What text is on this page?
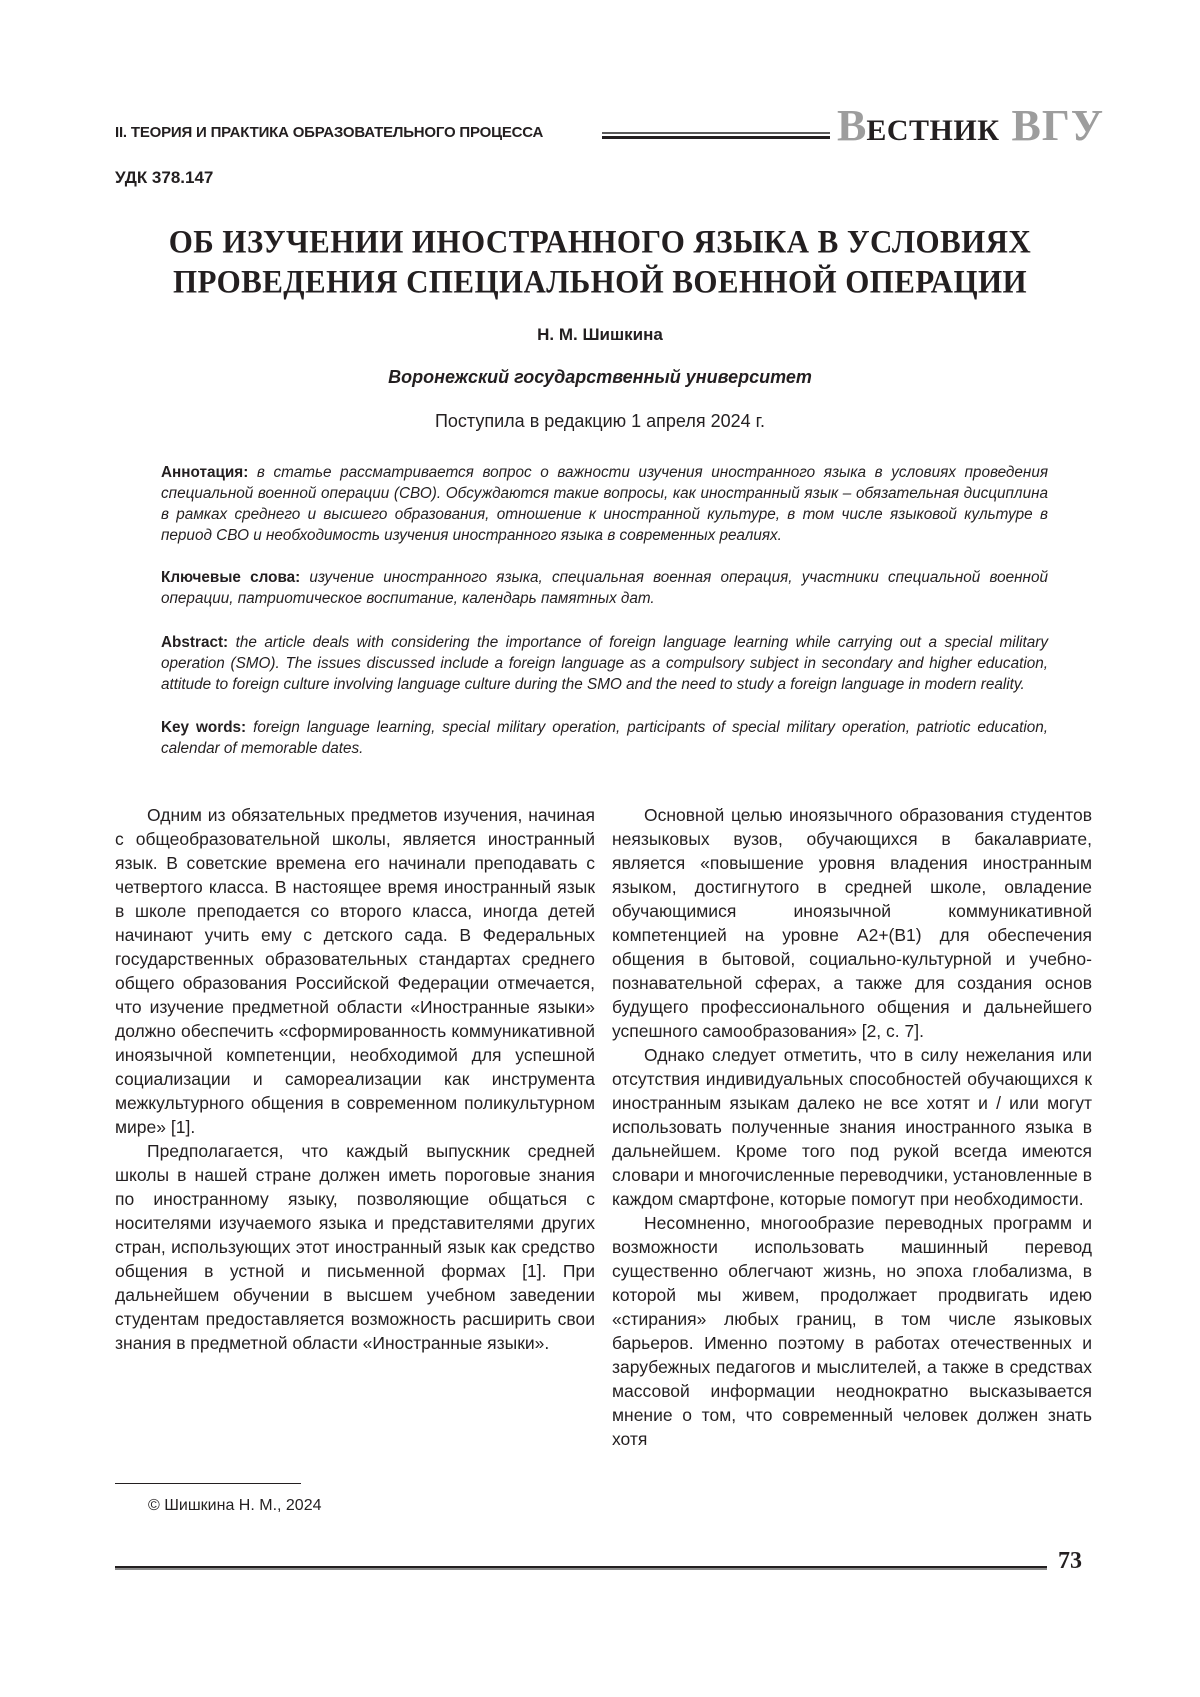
II. ТЕОРИЯ И ПРАКТИКА ОБРАЗОВАТЕЛЬНОГО ПРОЦЕССА	ВЕСТНИК ВГУ
УДК 378.147
ОБ ИЗУЧЕНИИ ИНОСТРАННОГО ЯЗЫКА В УСЛОВИЯХ
ПРОВЕДЕНИЯ СПЕЦИАЛЬНОЙ ВОЕННОЙ ОПЕРАЦИИ
Н. М. Шишкина
Воронежский государственный университет
Поступила в редакцию 1 апреля 2024 г.
Аннотация: в статье рассматривается вопрос о важности изучения иностранного языка в условиях проведения специальной военной операции (СВО). Обсуждаются такие вопросы, как иностранный язык – обязательная дисциплина в рамках среднего и высшего образования, отношение к иностранной культуре, в том числе языковой культуре в период СВО и необходимость изучения иностранного языка в современных реалиях.
Ключевые слова: изучение иностранного языка, специальная военная операция, участники специальной военной операции, патриотическое воспитание, календарь памятных дат.
Abstract: the article deals with considering the importance of foreign language learning while carrying out a special military operation (SMO). The issues discussed include a foreign language as a compulsory subject in secondary and higher education, attitude to foreign culture involving language culture during the SMO and the need to study a foreign language in modern reality.
Key words: foreign language learning, special military operation, participants of special military operation, patriotic education, calendar of memorable dates.

Одним из обязательных предметов изучения, начиная с общеобразовательной школы, является иностранный язык. В советские времена его начинали преподавать с четвертого класса. В настоящее время иностранный язык в школе преподается со второго класса, иногда детей начинают учить ему с детского сада. В Федеральных государственных образовательных стандартах среднего общего образования Российской Федерации отмечается, что изучение предметной области «Иностранные языки» должно обеспечить «сформированность коммуникативной иноязычной компетенции, необходимой для успешной социализации и самореализации как инструмента межкультурного общения в современном поликультурном мире» [1].

Предполагается, что каждый выпускник средней школы в нашей стране должен иметь пороговые знания по иностранному языку, позволяющие общаться с носителями изучаемого языка и представителями других стран, использующих этот иностранный язык как средство общения в устной и письменной формах [1]. При дальнейшем обучении в высшем учебном заведении студентам предоставляется возможность расширить свои знания в предметной области «Иностранные языки».

Основной целью иноязычного образования студентов неязыковых вузов, обучающихся в бакалавриате, является «повышение уровня владения иностранным языком, достигнутого в средней школе, овладение обучающимися иноязычной коммуникативной компетенцией на уровне А2+(В1) для обеспечения общения в бытовой, социально-культурной и учебно-познавательной сферах, а также для создания основ будущего профессионального общения и дальнейшего успешного самообразования» [2, с. 7].

Однако следует отметить, что в силу нежелания или отсутствия индивидуальных способностей обучающихся к иностранным языкам далеко не все хотят и / или могут использовать полученные знания иностранного языка в дальнейшем. Кроме того под рукой всегда имеются словари и многочисленные переводчики, установленные в каждом смартфоне, которые помогут при необходимости.

Несомненно, многообразие переводных программ и возможности использовать машинный перевод существенно облегчают жизнь, но эпоха глобализма, в которой мы живем, продолжает продвигать идею «стирания» любых границ, в том числе языковых барьеров. Именно поэтому в работах отечественных и зарубежных педагогов и мыслителей, а также в средствах массовой информации неоднократно высказывается мнение о том, что современный человек должен знать хотя

© Шишкина Н. М., 2024
73
